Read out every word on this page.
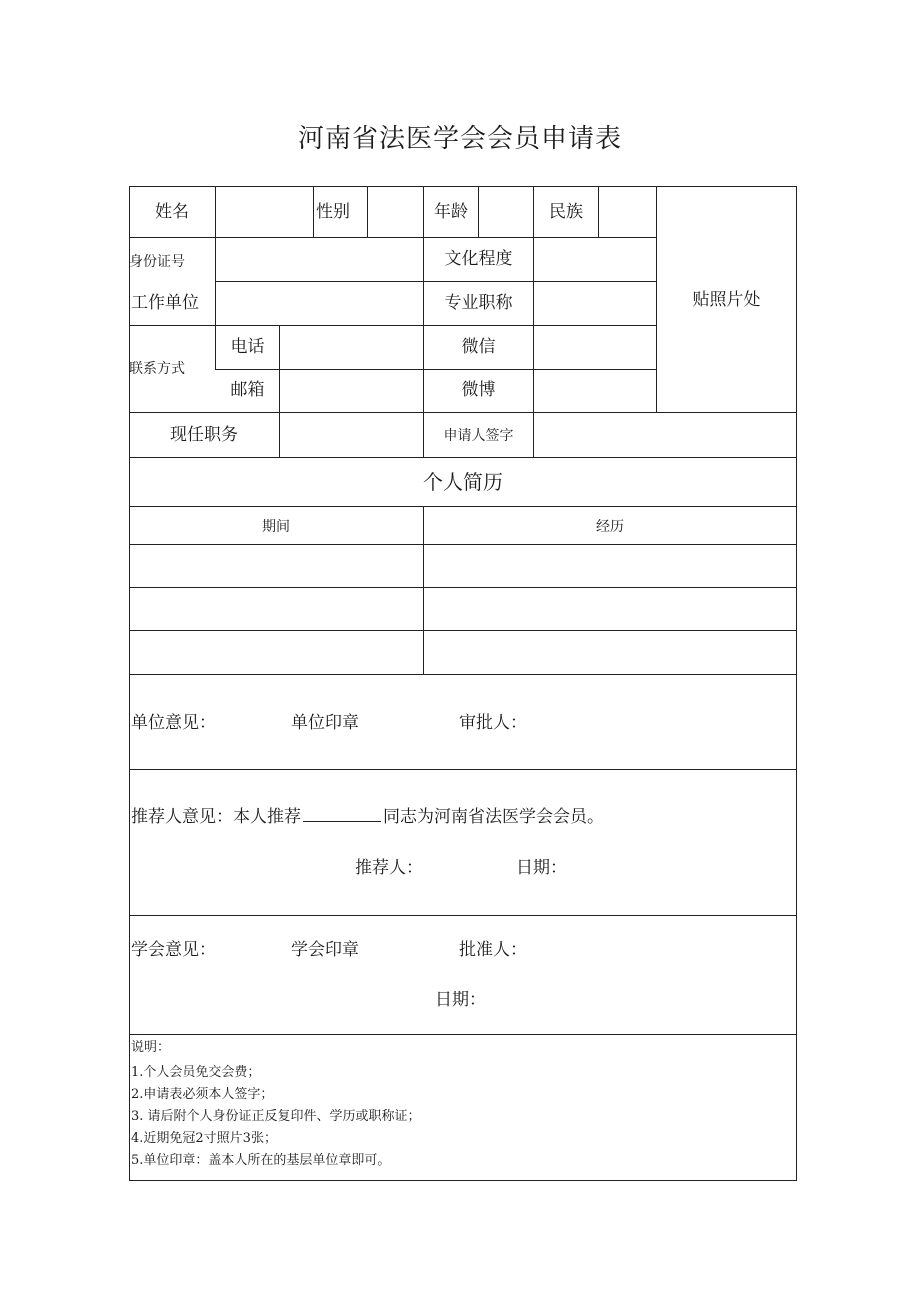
河南省法医学会会员申请表
姓名	性别	年龄	民族
贴照片处
身份证号	文化程度
工作单位	专业职称
联系方式
电话	微信
邮箱	微博
现任职务	申请人签字
个人简历
期间	经历
单位意见：	单位印章	审批人：
推荐人意见：本人推荐	同志为河南省法医学会会员。
推荐人：	日期：
学会意见：	学会印章	批准人：
日期：
说明：
1.个人会员免交会费；
2.申请表必须本人签字；
3. 请后附个人身份证正反复印件、学历或职称证；
4.近期免冠2寸照片3张；
5.单位印章：盖本人所在的基层单位章即可。
